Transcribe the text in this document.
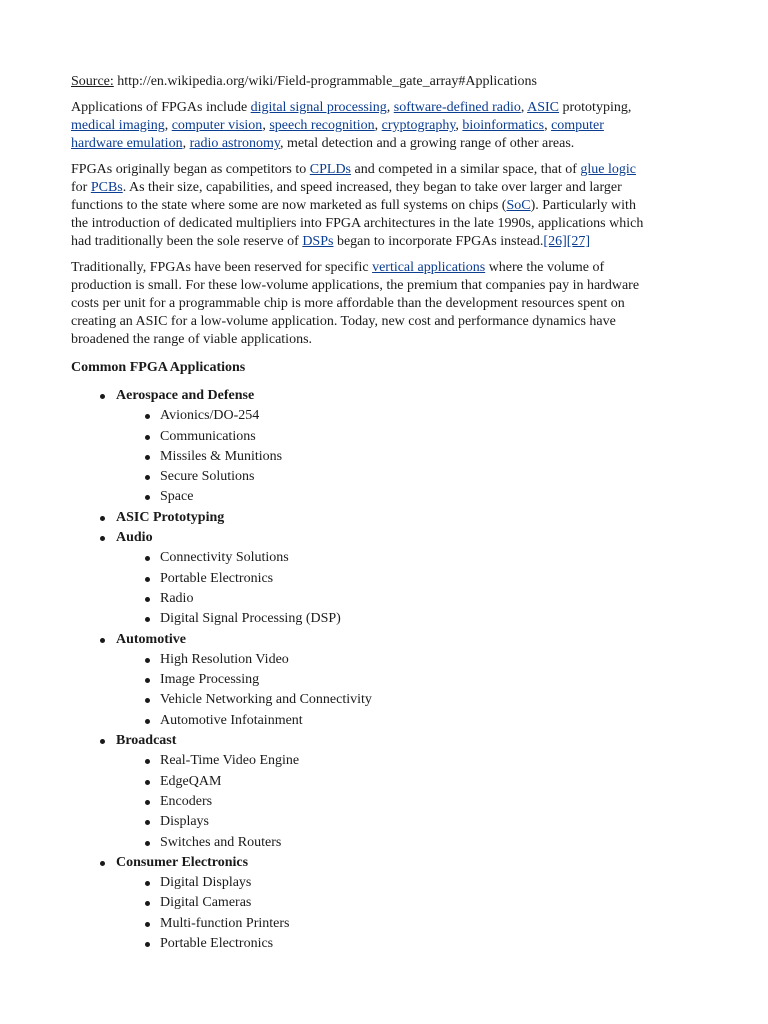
Source: http://en.wikipedia.org/wiki/Field-programmable_gate_array#Applications

Applications of FPGAs include digital signal processing, software-defined radio, ASIC prototyping,
medical imaging, computer vision, speech recognition, cryptography, bioinformatics, computer
hardware emulation, radio astronomy, metal detection and a growing range of other areas.

FPGAs originally began as competitors to CPLDs and competed in a similar space, that of glue logic
for PCBs. As their size, capabilities, and speed increased, they began to take over larger and larger
functions to the state where some are now marketed as full systems on chips (SoC). Particularly with
the introduction of dedicated multipliers into FPGA architectures in the late 1990s, applications which
had traditionally been the sole reserve of DSPs began to incorporate FPGAs instead.[26][27]

Traditionally, FPGAs have been reserved for specific vertical applications where the volume of
production is small. For these low-volume applications, the premium that companies pay in hardware
costs per unit for a programmable chip is more affordable than the development resources spent on
creating an ASIC for a low-volume application. Today, new cost and performance dynamics have
broadened the range of viable applications.

Common FPGA Applications
Aerospace and Defense
Avionics/DO-254
Communications
Missiles & Munitions
Secure Solutions
Space
ASIC Prototyping
Audio
Connectivity Solutions
Portable Electronics
Radio
Digital Signal Processing (DSP)
Automotive
High Resolution Video
Image Processing
Vehicle Networking and Connectivity
Automotive Infotainment
Broadcast
Real-Time Video Engine
EdgeQAM
Encoders
Displays
Switches and Routers
Consumer Electronics
Digital Displays
Digital Cameras
Multi-function Printers
Portable Electronics
